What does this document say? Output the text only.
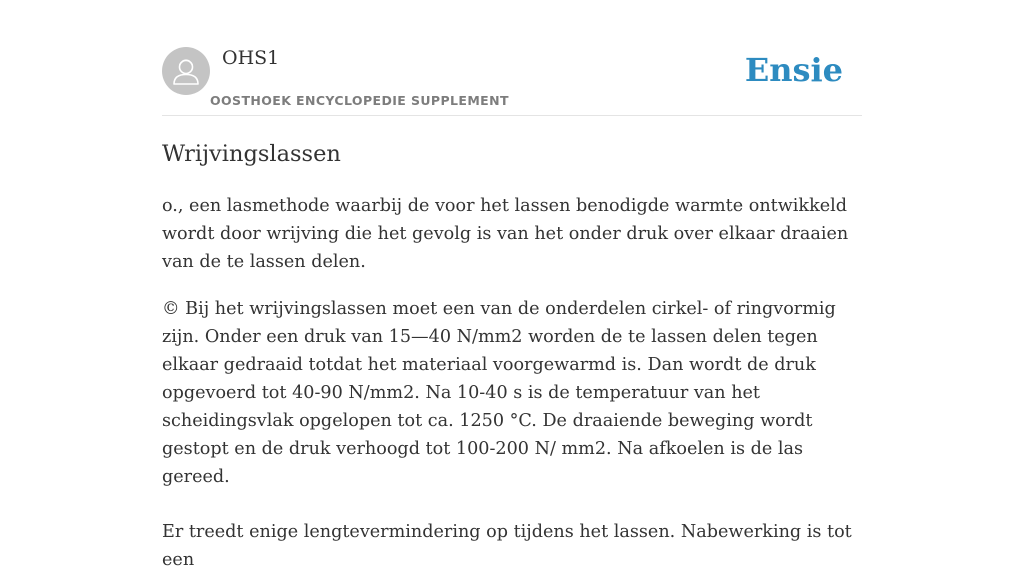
OHS1
OOSTHOEK ENCYCLOPEDIE SUPPLEMENT
Ensie
Wrijvingslassen

o., een lasmethode waarbij de voor het lassen benodigde warmte ontwikkeld wordt door wrijving die het gevolg is van het onder druk over elkaar draaien van de te lassen delen.

© Bij het wrijvingslassen moet een van de onderdelen cirkel- of ringvormig zijn. Onder een druk van 15—40 N/mm2 worden de te lassen delen tegen elkaar gedraaid totdat het materiaal voorgewarmd is. Dan wordt de druk opgevoerd tot 40-90 N/mm2. Na 10-40 s is de temperatuur van het scheidingsvlak opgelopen tot ca. 1250 °C. De draaiende beweging wordt gestopt en de druk verhoogd tot 100-200 N/ mm2. Na afkoelen is de las gereed.

Er treedt enige lengtevermindering op tijdens het lassen. Nabewerking is tot een
